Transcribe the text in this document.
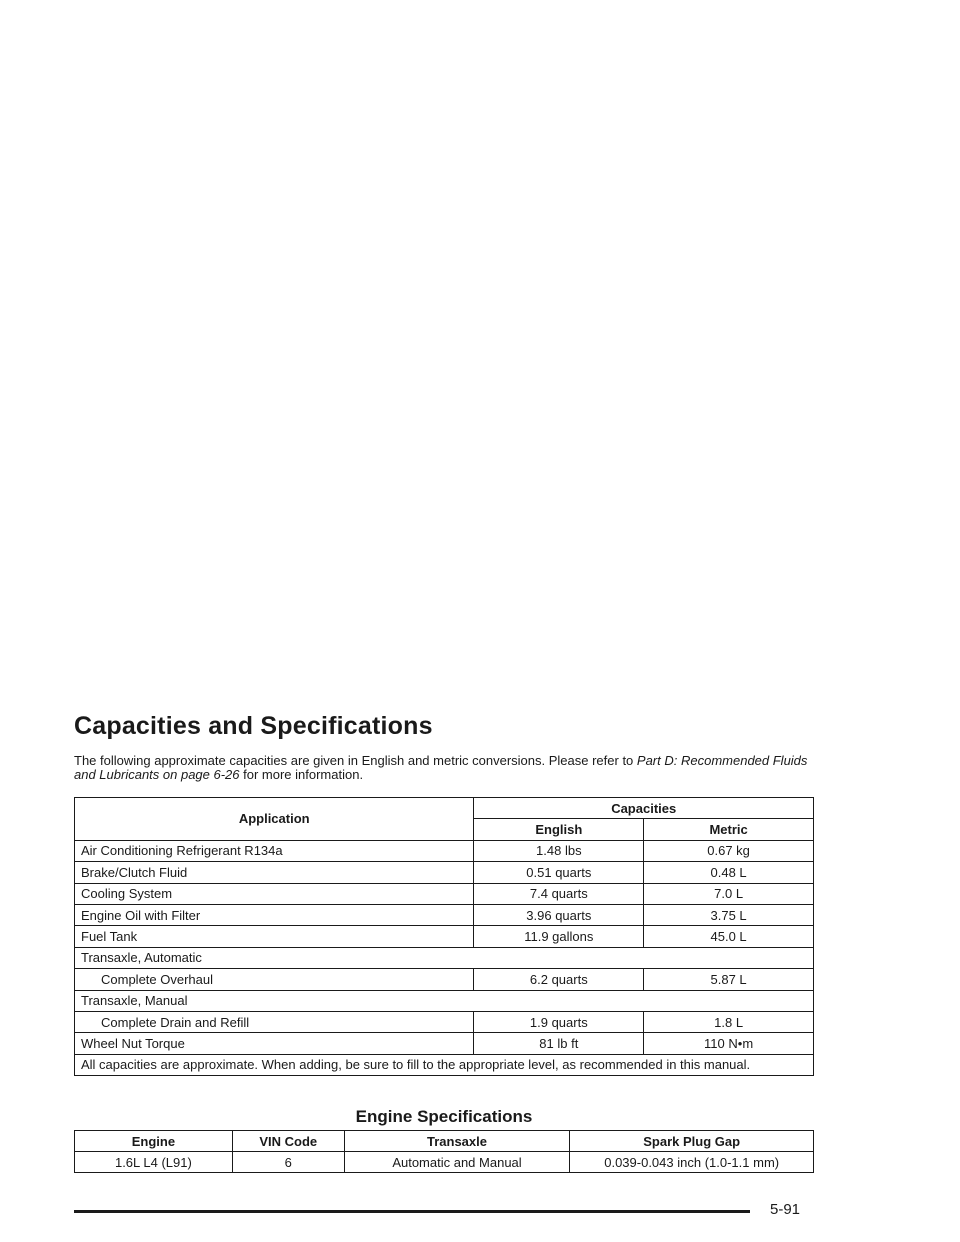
Capacities and Specifications

The following approximate capacities are given in English and metric conversions. Please refer to Part D: Recommended Fluids and Lubricants on page 6-26 for more information.

Application	Capacities	
	English	Metric
Air Conditioning Refrigerant R134a	1.48 lbs	0.67 kg
Brake/Clutch Fluid	0.51 quarts	0.48 L
Cooling System	7.4 quarts	7.0 L
Engine Oil with Filter	3.96 quarts	3.75 L
Fuel Tank	11.9 gallons	45.0 L
Transaxle, Automatic		
Complete Overhaul	6.2 quarts	5.87 L
Transaxle, Manual		
Complete Drain and Refill	1.9 quarts	1.8 L
Wheel Nut Torque	81 lb ft	110 N•m
All capacities are approximate. When adding, be sure to fill to the appropriate level, as recommended in this manual.		
Engine Specifications
Engine	VIN Code	Transaxle	Spark Plug Gap
1.6L L4 (L91)	6	Automatic and Manual	0.039-0.043 inch (1.0-1.1 mm)
5-91
